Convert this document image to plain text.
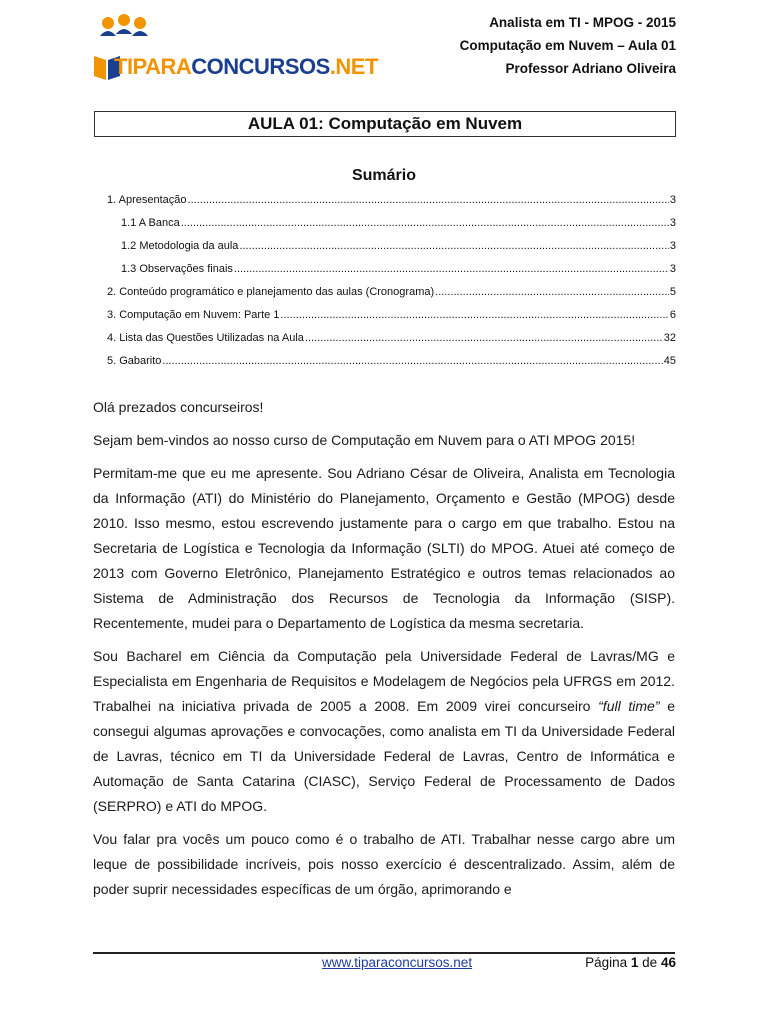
TIPARACONCURSOS.NET
Analista em TI - MPOG - 2015
Computação em Nuvem – Aula 01
Professor Adriano Oliveira
AULA 01: Computação em Nuvem
Sumário
1. Apresentação .....	3
1.1 A Banca .....	3
1.2 Metodologia da aula .....	3
1.3 Observações finais .....	3
2. Conteúdo programático e planejamento das aulas (Cronograma) .....	5
3. Computação em Nuvem: Parte 1 .....	6
4. Lista das Questões Utilizadas na Aula .....	32
5. Gabarito .....	45

Olá prezados concurseiros!

Sejam bem-vindos ao nosso curso de Computação em Nuvem para o ATI MPOG 2015!

Permitam-me que eu me apresente. Sou Adriano César de Oliveira, Analista em Tecnologia da Informação (ATI) do Ministério do Planejamento, Orçamento e Gestão (MPOG) desde 2010. Isso mesmo, estou escrevendo justamente para o cargo em que trabalho. Estou na Secretaria de Logística e Tecnologia da Informação (SLTI) do MPOG. Atuei até começo de 2013 com Governo Eletrônico, Planejamento Estratégico e outros temas relacionados ao Sistema de Administração dos Recursos de Tecnologia da Informação (SISP). Recentemente, mudei para o Departamento de Logística da mesma secretaria.

Sou Bacharel em Ciência da Computação pela Universidade Federal de Lavras/MG e Especialista em Engenharia de Requisitos e Modelagem de Negócios pela UFRGS em 2012. Trabalhei na iniciativa privada de 2005 a 2008. Em 2009 virei concurseiro “full time” e consegui algumas aprovações e convocações, como analista em TI da Universidade Federal de Lavras, técnico em TI da Universidade Federal de Lavras, Centro de Informática e Automação de Santa Catarina (CIASC), Serviço Federal de Processamento de Dados (SERPRO) e ATI do MPOG.

Vou falar pra vocês um pouco como é o trabalho de ATI. Trabalhar nesse cargo abre um leque de possibilidade incríveis, pois nosso exercício é descentralizado. Assim, além de poder suprir necessidades específicas de um órgão, aprimorando e

www.tiparaconcursos.net	Página 1 de 46
